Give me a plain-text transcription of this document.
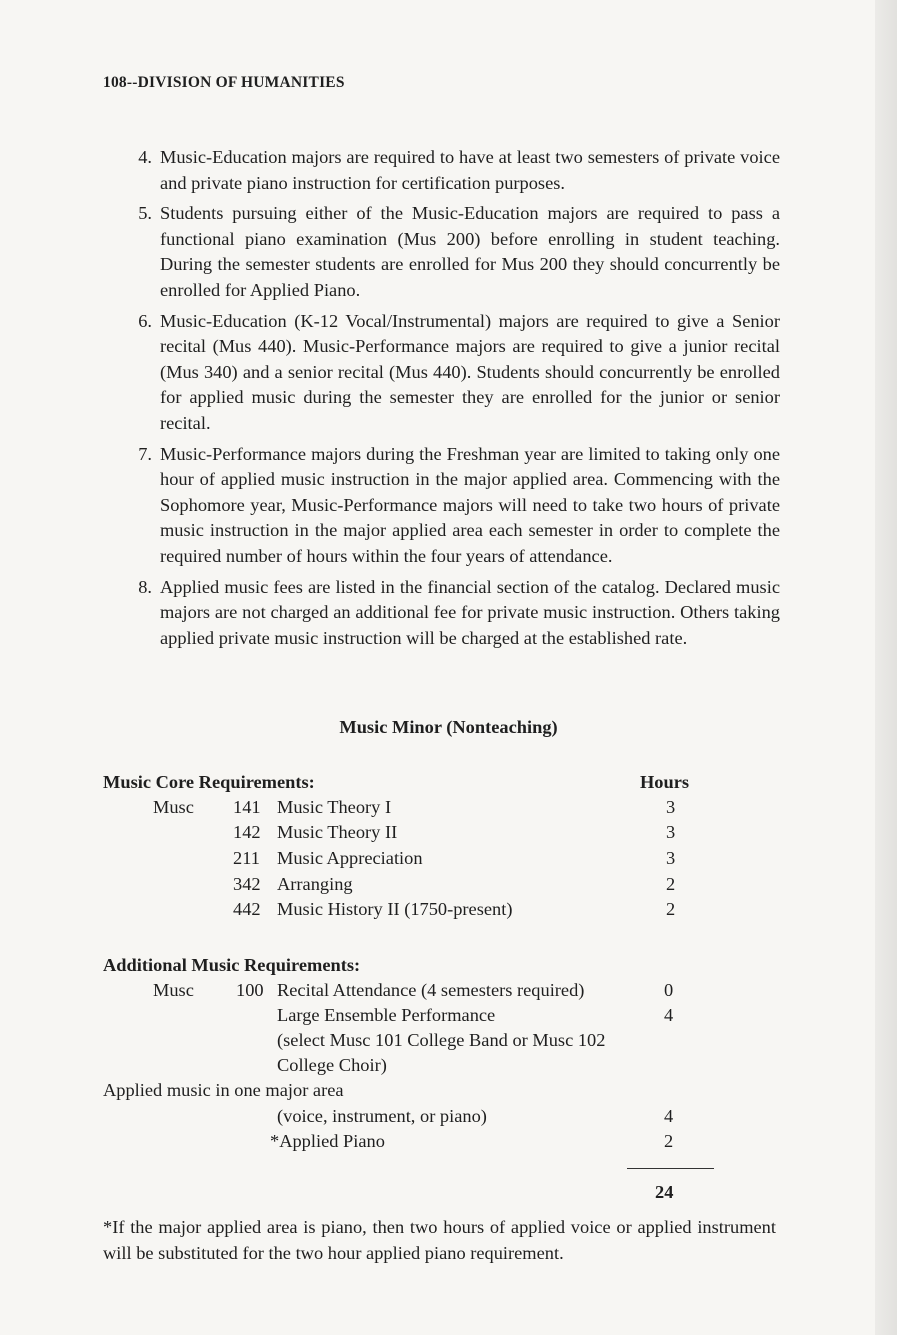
108--DIVISION OF HUMANITIES
4. Music-Education majors are required to have at least two semesters of private voice and private piano instruction for certification purposes.
5. Students pursuing either of the Music-Education majors are required to pass a functional piano examination (Mus 200) before enrolling in student teaching. During the semester students are enrolled for Mus 200 they should concurrently be enrolled for Applied Piano.
6. Music-Education (K-12 Vocal/Instrumental) majors are required to give a Senior recital (Mus 440). Music-Performance majors are required to give a junior recital (Mus 340) and a senior recital (Mus 440). Students should concurrently be enrolled for applied music during the semester they are enrolled for the junior or senior recital.
7. Music-Performance majors during the Freshman year are limited to taking only one hour of applied music instruction in the major applied area. Commencing with the Sophomore year, Music-Performance majors will need to take two hours of private music instruction in the major applied area each semester in order to complete the required number of hours within the four years of attendance.
8. Applied music fees are listed in the financial section of the catalog. Declared music majors are not charged an additional fee for private music instruction. Others taking applied private music instruction will be charged at the established rate.
Music Minor (Nonteaching)
Music Core Requirements:	Hours
Musc 141 Music Theory I	3
142 Music Theory II	3
211 Music Appreciation	3
342 Arranging	2
442 Music History II (1750-present)	2
Additional Music Requirements:
Musc 100 Recital Attendance (4 semesters required)	0
Large Ensemble Performance	4
(select Musc 101 College Band or Musc 102
College Choir)
Applied music in one major area
(voice, instrument, or piano)	4
*Applied Piano	2
24
*If the major applied area is piano, then two hours of applied voice or applied instrument will be substituted for the two hour applied piano requirement.
